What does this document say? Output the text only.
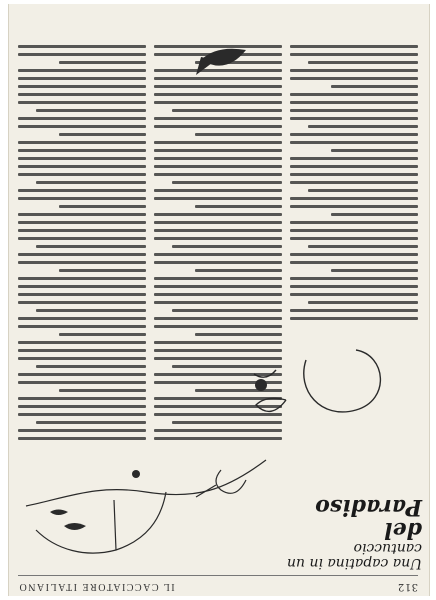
312
IL CACCIATORE ITALIANO
Una capatina in un cantuccio
del Paradiso
